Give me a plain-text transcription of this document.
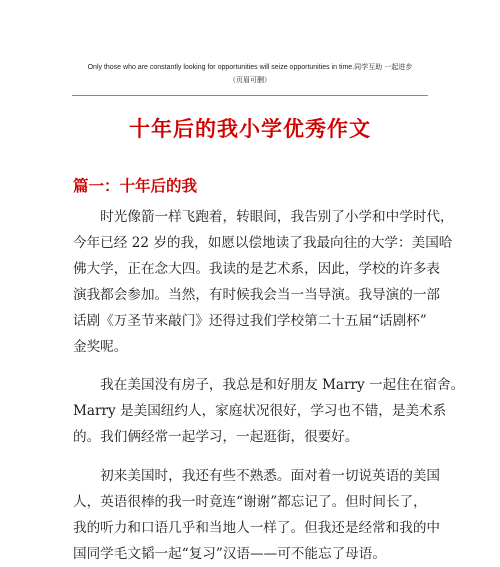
Only those who are constantly looking for opportunities will seize opportunities in time.同学互助 一起进步
（页眉可删）
十年后的我小学优秀作文
篇一：十年后的我
　　时光像箭一样飞跑着，转眼间，我告别了小学和中学时代，
今年已经 22 岁的我，如愿以偿地读了我最向往的大学：美国哈
佛大学，正在念大四。我读的是艺术系，因此，学校的许多表
演我都会参加。当然，有时候我会当一当导演。我导演的一部
话剧《万圣节来敲门》还得过我们学校第二十五届“话剧杯”
金奖呢。
　　我在美国没有房子，我总是和好朋友 Marry 一起住在宿舍。
Marry 是美国纽约人，家庭状况很好，学习也不错，是美术系
的。我们俩经常一起学习，一起逛街，很要好。
　　初来美国时，我还有些不熟悉。面对着一切说英语的美国
人，英语很棒的我一时竟连“谢谢”都忘记了。但时间长了，
我的听力和口语几乎和当地人一样了。但我还是经常和我的中
国同学毛文韬一起“复习”汉语——可不能忘了母语。
